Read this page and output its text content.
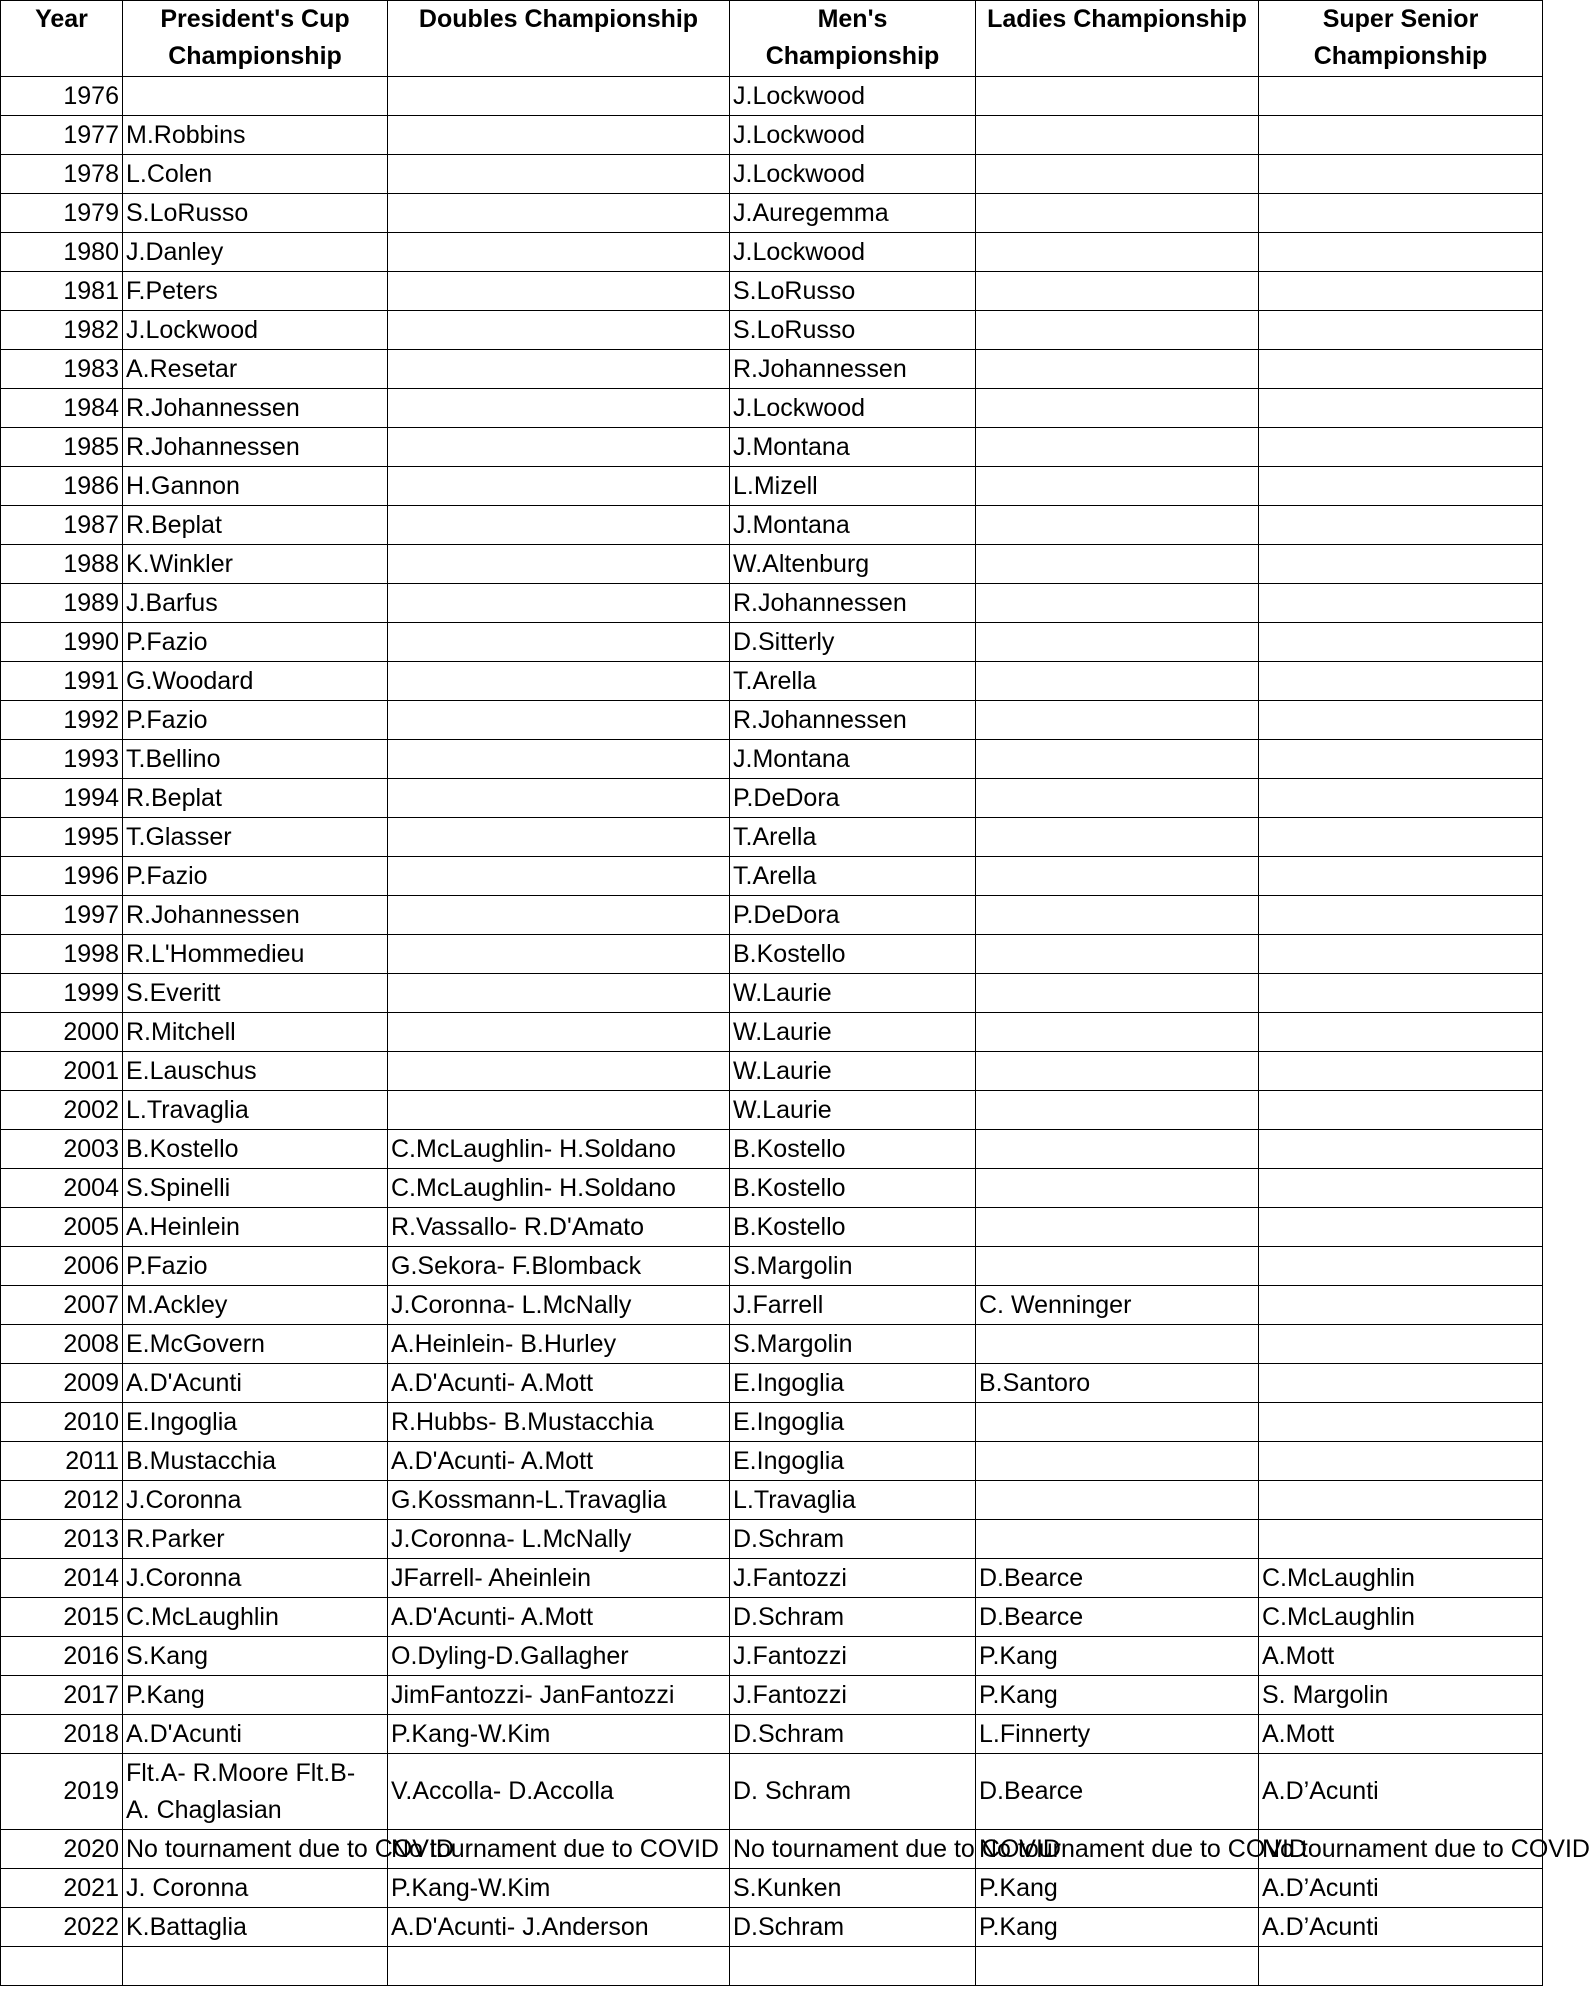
Year	President's Cup Championship	Doubles Championship	Men's Championship	Ladies Championship	Super Senior Championship
1976			J.Lockwood		
1977	M.Robbins		J.Lockwood		
1978	L.Colen		J.Lockwood		
1979	S.LoRusso		J.Auregemma		
1980	J.Danley		J.Lockwood		
1981	F.Peters		S.LoRusso		
1982	J.Lockwood		S.LoRusso		
1983	A.Resetar		R.Johannessen		
1984	R.Johannessen		J.Lockwood		
1985	R.Johannessen		J.Montana		
1986	H.Gannon		L.Mizell		
1987	R.Beplat		J.Montana		
1988	K.Winkler		W.Altenburg		
1989	J.Barfus		R.Johannessen		
1990	P.Fazio		D.Sitterly		
1991	G.Woodard		T.Arella		
1992	P.Fazio		R.Johannessen		
1993	T.Bellino		J.Montana		
1994	R.Beplat		P.DeDora		
1995	T.Glasser		T.Arella		
1996	P.Fazio		T.Arella		
1997	R.Johannessen		P.DeDora		
1998	R.L'Hommedieu		B.Kostello		
1999	S.Everitt		W.Laurie		
2000	R.Mitchell		W.Laurie		
2001	E.Lauschus		W.Laurie		
2002	L.Travaglia		W.Laurie		
2003	B.Kostello	C.McLaughlin- H.Soldano	B.Kostello		
2004	S.Spinelli	C.McLaughlin- H.Soldano	B.Kostello		
2005	A.Heinlein	R.Vassallo- R.D'Amato	B.Kostello		
2006	P.Fazio	G.Sekora- F.Blomback	S.Margolin		
2007	M.Ackley	J.Coronna- L.McNally	J.Farrell	C. Wenninger	
2008	E.McGovern	A.Heinlein- B.Hurley	S.Margolin		
2009	A.D'Acunti	A.D'Acunti- A.Mott	E.Ingoglia	B.Santoro	
2010	E.Ingoglia	R.Hubbs- B.Mustacchia	E.Ingoglia		
2011	B.Mustacchia	A.D'Acunti- A.Mott	E.Ingoglia		
2012	J.Coronna	G.Kossmann-L.Travaglia	L.Travaglia		
2013	R.Parker	J.Coronna- L.McNally	D.Schram		
2014	J.Coronna	JFarrell- Aheinlein	J.Fantozzi	D.Bearce	C.McLaughlin
2015	C.McLaughlin	A.D'Acunti- A.Mott	D.Schram	D.Bearce	C.McLaughlin
2016	S.Kang	O.Dyling-D.Gallagher	J.Fantozzi	P.Kang	A.Mott
2017	P.Kang	JimFantozzi- JanFantozzi	J.Fantozzi	P.Kang	S. Margolin
2018	A.D'Acunti	P.Kang-W.Kim	D.Schram	L.Finnerty	A.Mott
2019	Flt.A- R.Moore Flt.B- A. Chaglasian	V.Accolla- D.Accolla	D. Schram	D.Bearce	A.D’Acunti
2020	No tournament due to COVID	No tournament due to COVID	No tournament due to COVID	No tournament due to COVID	No tournament due to COVID
2021	J. Coronna	P.Kang-W.Kim	S.Kunken	P.Kang	A.D’Acunti
2022	K.Battaglia	A.D'Acunti- J.Anderson	D.Schram	P.Kang	A.D’Acunti
